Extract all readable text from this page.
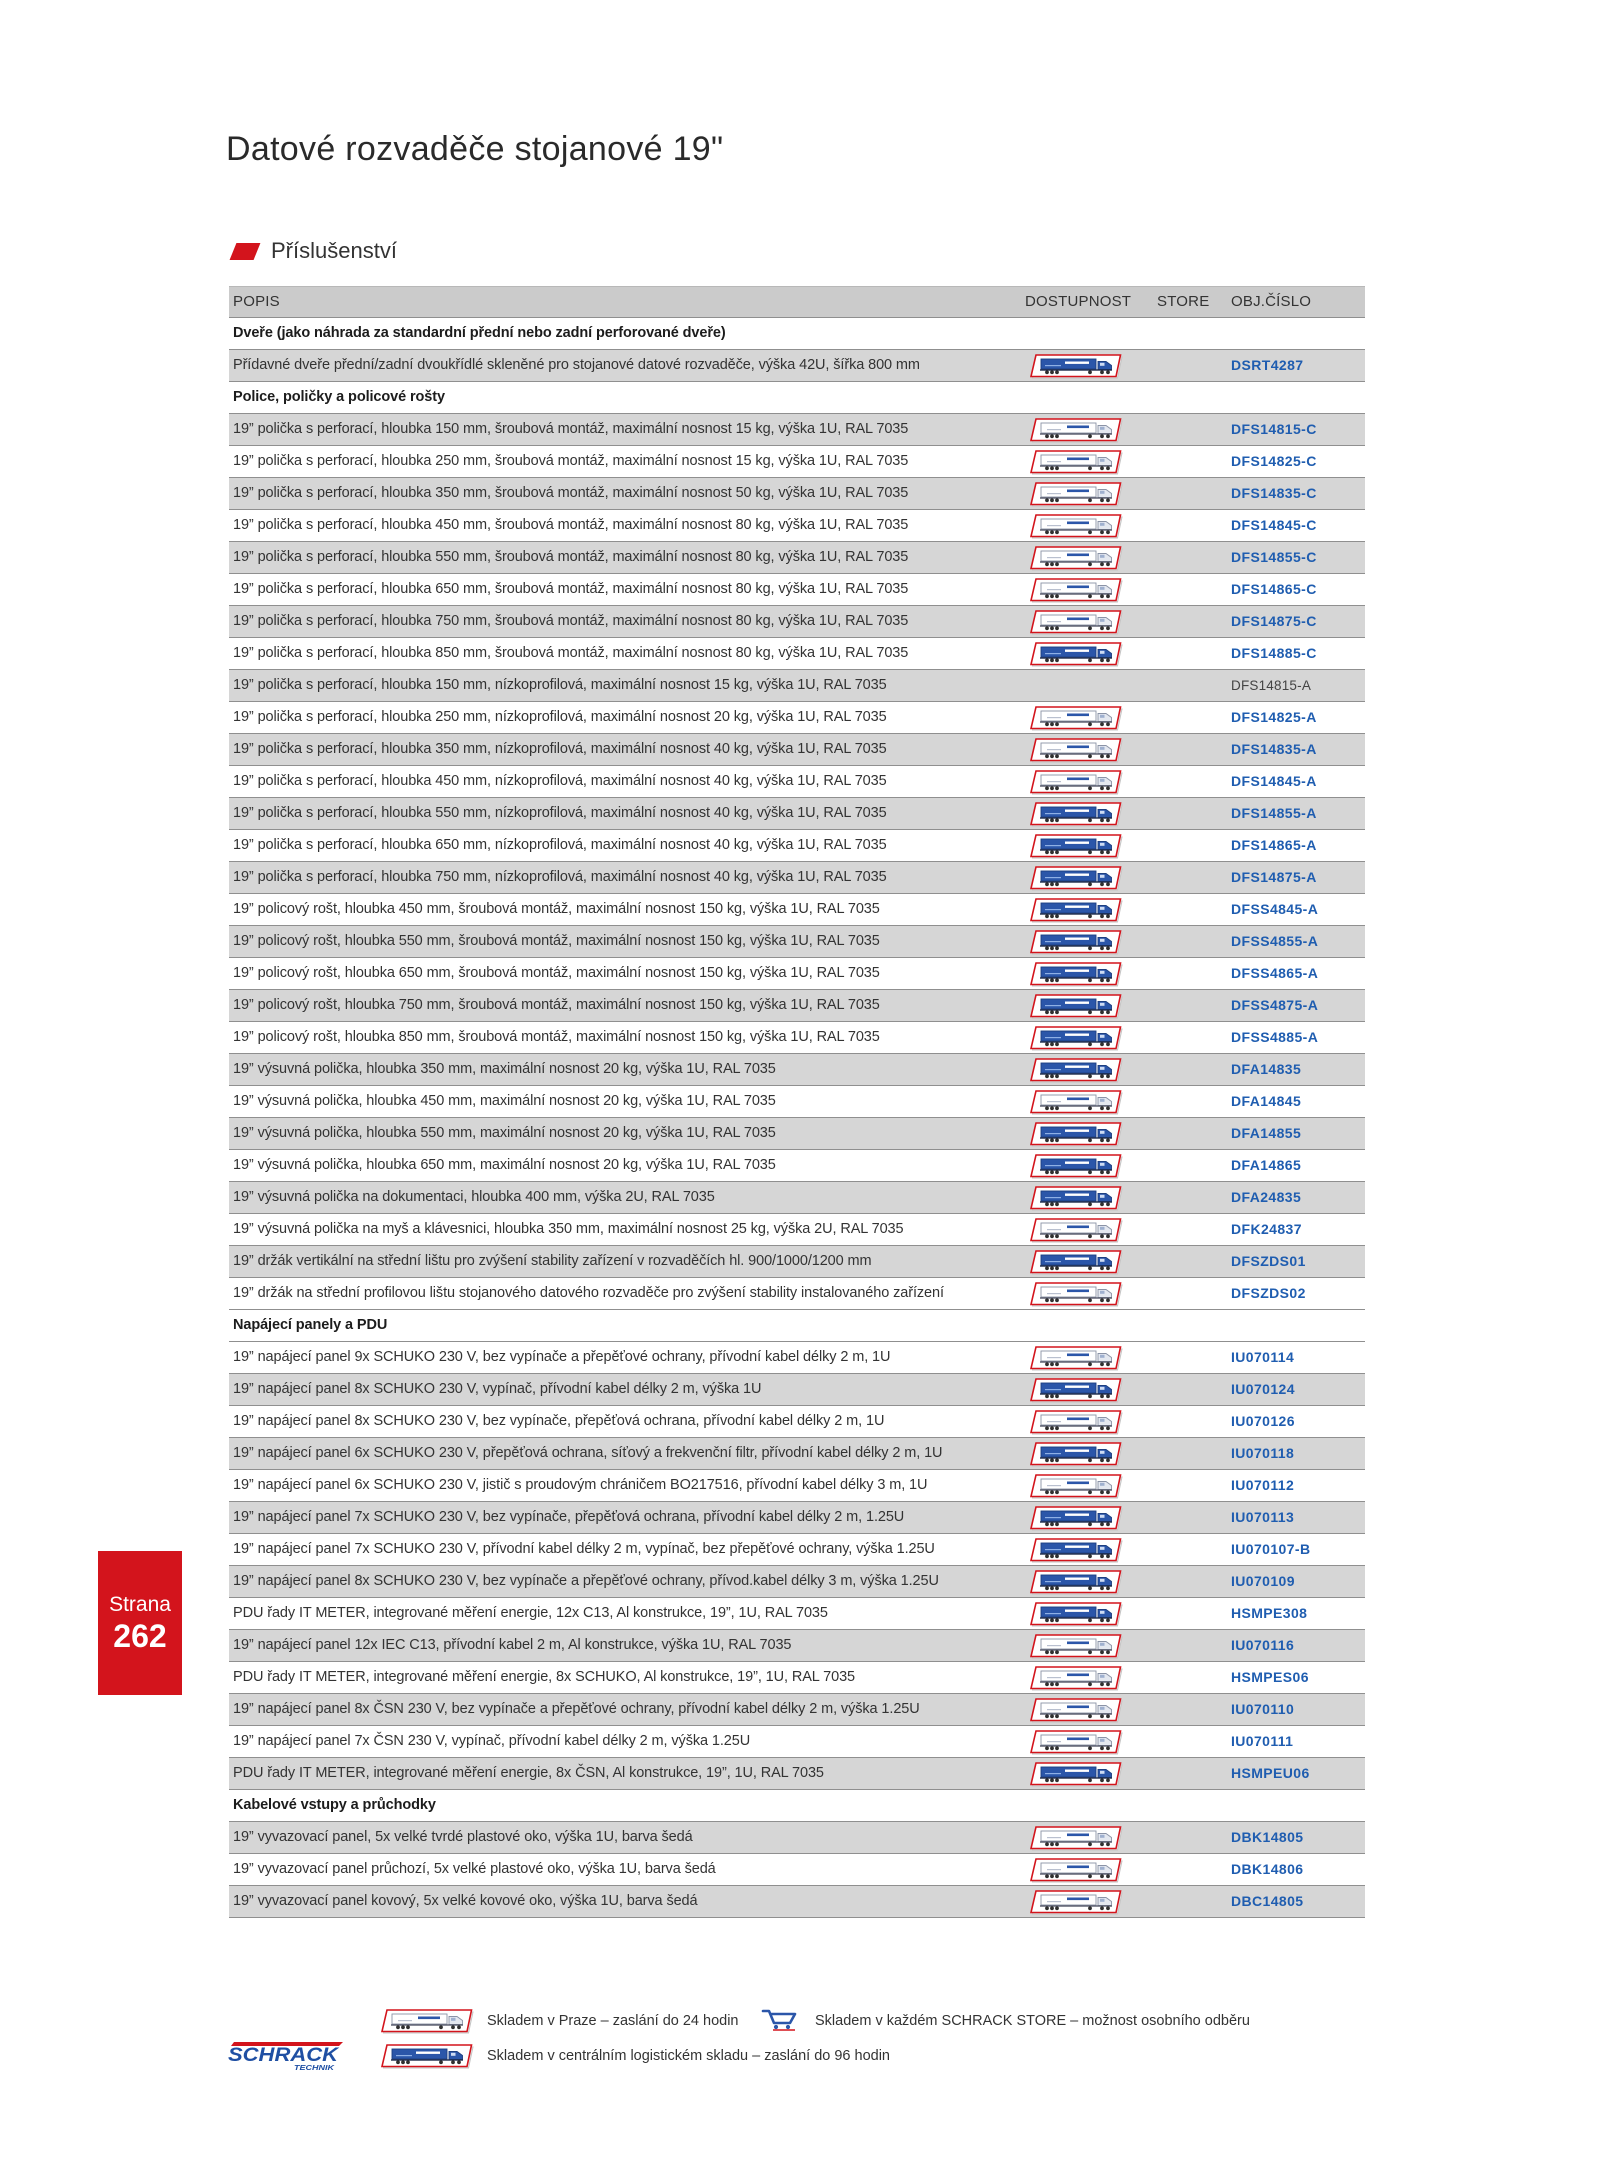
Datové rozvaděče stojanové 19"
Příslušenství
POPIS	DOSTUPNOST STORE OBJ.ČÍSLO
Dveře (jako náhrada za standardní přední nebo zadní perforované dveře)
Přídavné dveře přední/zadní dvoukřídlé skleněné pro stojanové datové rozvaděče, výška 42U, šířka 800 mm	DSRT4287
Police, poličky a policové rošty
19” polička s perforací, hloubka 150 mm, šroubová montáž, maximální nosnost 15 kg, výška 1U, RAL 7035	DFS14815-C
19” polička s perforací, hloubka 250 mm, šroubová montáž, maximální nosnost 15 kg, výška 1U, RAL 7035	DFS14825-C
19” polička s perforací, hloubka 350 mm, šroubová montáž, maximální nosnost 50 kg, výška 1U, RAL 7035	DFS14835-C
19” polička s perforací, hloubka 450 mm, šroubová montáž, maximální nosnost 80 kg, výška 1U, RAL 7035	DFS14845-C
19” polička s perforací, hloubka 550 mm, šroubová montáž, maximální nosnost 80 kg, výška 1U, RAL 7035	DFS14855-C
19” polička s perforací, hloubka 650 mm, šroubová montáž, maximální nosnost 80 kg, výška 1U, RAL 7035	DFS14865-C
19” polička s perforací, hloubka 750 mm, šroubová montáž, maximální nosnost 80 kg, výška 1U, RAL 7035	DFS14875-C
19” polička s perforací, hloubka 850 mm, šroubová montáž, maximální nosnost 80 kg, výška 1U, RAL 7035	DFS14885-C
19” polička s perforací, hloubka 150 mm, nízkoprofilová, maximální nosnost 15 kg, výška 1U, RAL 7035	DFS14815-A
19” polička s perforací, hloubka 250 mm, nízkoprofilová, maximální nosnost 20 kg, výška 1U, RAL 7035	DFS14825-A
19” polička s perforací, hloubka 350 mm, nízkoprofilová, maximální nosnost 40 kg, výška 1U, RAL 7035	DFS14835-A
19” polička s perforací, hloubka 450 mm, nízkoprofilová, maximální nosnost 40 kg, výška 1U, RAL 7035	DFS14845-A
19” polička s perforací, hloubka 550 mm, nízkoprofilová, maximální nosnost 40 kg, výška 1U, RAL 7035	DFS14855-A
19” polička s perforací, hloubka 650 mm, nízkoprofilová, maximální nosnost 40 kg, výška 1U, RAL 7035	DFS14865-A
19” polička s perforací, hloubka 750 mm, nízkoprofilová, maximální nosnost 40 kg, výška 1U, RAL 7035	DFS14875-A
19” policový rošt, hloubka 450 mm, šroubová montáž, maximální nosnost 150 kg, výška 1U, RAL 7035	DFSS4845-A
19” policový rošt, hloubka 550 mm, šroubová montáž, maximální nosnost 150 kg, výška 1U, RAL 7035	DFSS4855-A
19” policový rošt, hloubka 650 mm, šroubová montáž, maximální nosnost 150 kg, výška 1U, RAL 7035	DFSS4865-A
19” policový rošt, hloubka 750 mm, šroubová montáž, maximální nosnost 150 kg, výška 1U, RAL 7035	DFSS4875-A
19” policový rošt, hloubka 850 mm, šroubová montáž, maximální nosnost 150 kg, výška 1U, RAL 7035	DFSS4885-A
19” výsuvná polička, hloubka 350 mm, maximální nosnost 20 kg, výška 1U, RAL 7035	DFA14835
19” výsuvná polička, hloubka 450 mm, maximální nosnost 20 kg, výška 1U, RAL 7035	DFA14845
19” výsuvná polička, hloubka 550 mm, maximální nosnost 20 kg, výška 1U, RAL 7035	DFA14855
19” výsuvná polička, hloubka 650 mm, maximální nosnost 20 kg, výška 1U, RAL 7035	DFA14865
19” výsuvná polička na dokumentaci, hloubka 400 mm, výška 2U, RAL 7035	DFA24835
19” výsuvná polička na myš a klávesnici, hloubka 350 mm, maximální nosnost 25 kg, výška 2U, RAL 7035	DFK24837
19” držák vertikální na střední lištu pro zvýšení stability zařízení v rozvaděčích hl. 900/1000/1200 mm	DFSZDS01
19” držák na střední profilovou lištu stojanového datového rozvaděče pro zvýšení stability instalovaného zařízení	DFSZDS02
Napájecí panely a PDU
19” napájecí panel 9x SCHUKO 230 V, bez vypínače a přepěťové ochrany, přívodní kabel délky 2 m, 1U	IU070114
19” napájecí panel 8x SCHUKO 230 V, vypínač, přívodní kabel délky 2 m, výška 1U	IU070124
19” napájecí panel 8x SCHUKO 230 V, bez vypínače, přepěťová ochrana, přívodní kabel délky 2 m, 1U	IU070126
19” napájecí panel 6x SCHUKO 230 V, přepěťová ochrana, síťový a frekvenční filtr, přívodní kabel délky 2 m, 1U	IU070118
19” napájecí panel 6x SCHUKO 230 V, jistič s proudovým chráničem BO217516, přívodní kabel délky 3 m, 1U	IU070112
19” napájecí panel 7x SCHUKO 230 V, bez vypínače, přepěťová ochrana, přívodní kabel délky 2 m, 1.25U	IU070113
19” napájecí panel 7x SCHUKO 230 V, přívodní kabel délky 2 m, vypínač, bez přepěťové ochrany, výška 1.25U	IU070107-B
19” napájecí panel 8x SCHUKO 230 V, bez vypínače a přepěťové ochrany, přívod.kabel délky 3 m, výška 1.25U	IU070109
PDU řady IT METER, integrované měření energie, 12x C13, Al konstrukce, 19”, 1U, RAL 7035	HSMPE308
19” napájecí panel 12x IEC C13, přívodní kabel 2 m, Al konstrukce, výška 1U, RAL 7035	IU070116
PDU řady IT METER, integrované měření energie, 8x SCHUKO, Al konstrukce, 19”, 1U, RAL 7035	HSMPES06
19” napájecí panel 8x ČSN 230 V, bez vypínače a přepěťové ochrany, přívodní kabel délky 2 m, výška 1.25U	IU070110
19” napájecí panel 7x ČSN 230 V, vypínač, přívodní kabel délky 2 m, výška 1.25U	IU070111
PDU řady IT METER, integrované měření energie, 8x ČSN, Al konstrukce, 19”, 1U, RAL 7035	HSMPEU06
Kabelové vstupy a průchodky
19” vyvazovací panel, 5x velké tvrdé plastové oko, výška 1U, barva šedá	DBK14805
19” vyvazovací panel průchozí, 5x velké plastové oko, výška 1U, barva šedá	DBK14806
19” vyvazovací panel kovový, 5x velké kovové oko, výška 1U, barva šedá	DBC14805
Strana
262
Skladem v Praze – zaslání do 24 hodin	Skladem v každém SCHRACK STORE – možnost osobního odběru
Skladem v centrálním logistickém skladu – zaslání do 96 hodin
SCHRACK
TECHNIK
